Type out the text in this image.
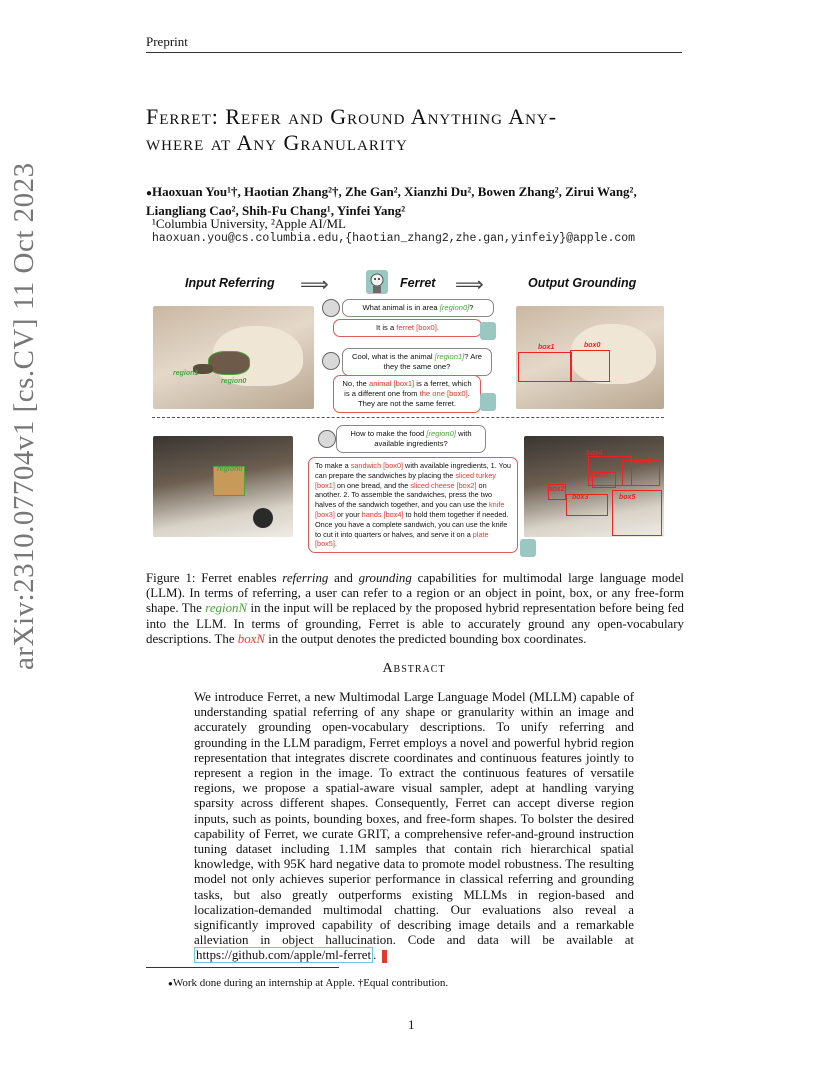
Preprint
arXiv:2310.07704v1 [cs.CV] 11 Oct 2023
Ferret: Refer and Ground Anything Any-
where at Any Granularity
●Haoxuan You¹†, Haotian Zhang²†, Zhe Gan², Xianzhi Du², Bowen Zhang², Zirui Wang²,
Liangliang Cao², Shih-Fu Chang¹, Yinfei Yang²
¹Columbia University, ²Apple AI/ML
haoxuan.you@cs.columbia.edu,{haotian_zhang2,zhe.gan,yinfeiy}@apple.com
Input Referring ⟹	Ferret ⟹	Output Grounding
region1
region0
box1	box0
What animal is in area [region0]?
It is a ferret [box0].
Cool, what is the animal [region1]? Are they the same one?
No, the animal [box1] is a ferret, which is a different one from the one [box0]. They are not the same ferret.
region0
box4
box0
box1
box2
box3	box5
How to make the food [region0] with available ingredients?
To make a sandwich [box0] with available ingredients, 1. You can prepare the sandwiches by placing the sliced turkey [box1] on one bread, and the sliced cheese [box2] on another. 2. To assemble the sandwiches, press the two halves of the sandwich together, and you can use the knife [box3] or your hands [box4] to hold them together if needed. Once you have a complete sandwich, you can use the knife to cut it into quarters or halves, and serve it on a plate [box5].
Figure 1: Ferret enables referring and grounding capabilities for multimodal large language model (LLM). In terms of referring, a user can refer to a region or an object in point, box, or any free-form shape. The regionN in the input will be replaced by the proposed hybrid representation before being fed into the LLM. In terms of grounding, Ferret is able to accurately ground any open-vocabulary descriptions. The boxN in the output denotes the predicted bounding box coordinates.
Abstract
We introduce Ferret, a new Multimodal Large Language Model (MLLM) capable of understanding spatial referring of any shape or granularity within an image and accurately grounding open-vocabulary descriptions. To unify referring and grounding in the LLM paradigm, Ferret employs a novel and powerful hybrid region representation that integrates discrete coordinates and continuous features jointly to represent a region in the image. To extract the continuous features of versatile regions, we propose a spatial-aware visual sampler, adept at handling varying sparsity across different shapes. Consequently, Ferret can accept diverse region inputs, such as points, bounding boxes, and free-form shapes. To bolster the desired capability of Ferret, we curate GRIT, a comprehensive refer-and-ground instruction tuning dataset including 1.1M samples that contain rich hierarchical spatial knowledge, with 95K hard negative data to promote model robustness. The resulting model not only achieves superior performance in classical referring and grounding tasks, but also greatly outperforms existing MLLMs in region-based and localization-demanded multimodal chatting. Our evaluations also reveal a significantly improved capability of describing image details and a remarkable alleviation in object hallucination. Code and data will be available at https://github.com/apple/ml-ferret .
●Work done during an internship at Apple. †Equal contribution.
1
